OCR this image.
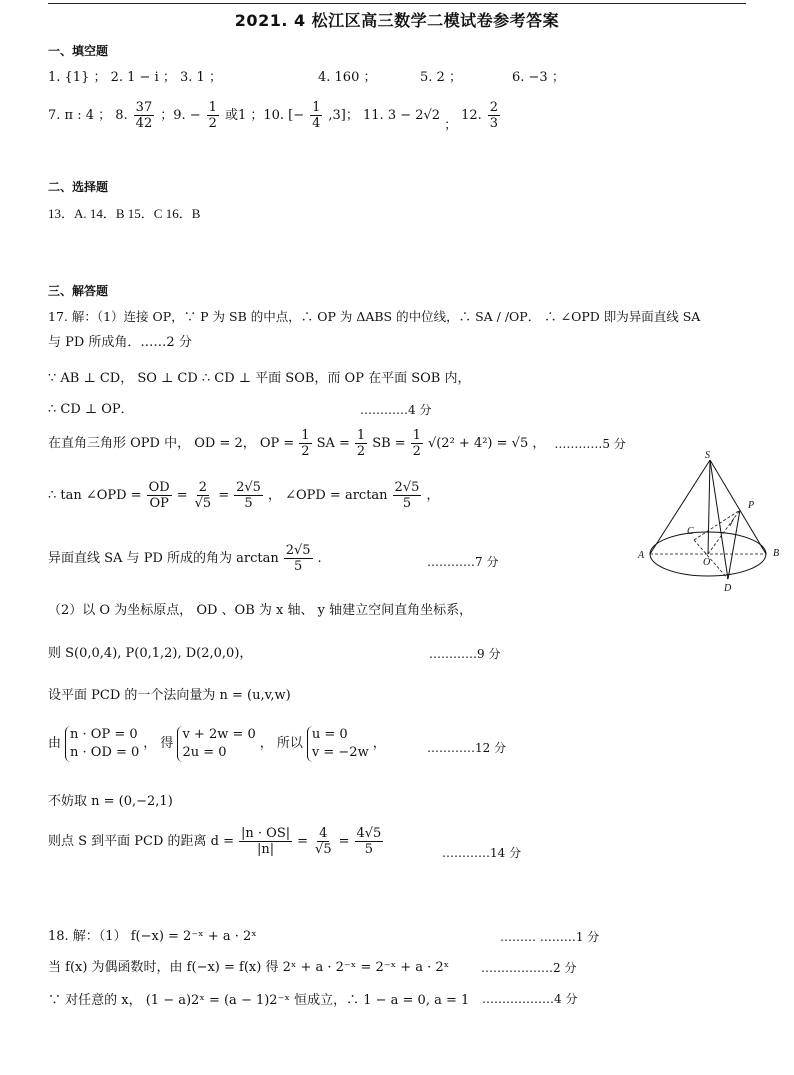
2021. 4 松江区高三数学二模试卷参考答案
一、填空题
1. {1} ； 2. 1 − i ； 3. 1 ；	4. 160 ；	5. 2 ；	6. −3 ；
7. π : 4 ； 8. $\frac{37}{42}$ ；9. − $\frac{1}{2}$ 或1 ；10. [− $\frac{1}{4} ,3$]； 11. 3 − 2√2
；
12. $\frac{2}{3}$
二、选择题
13．A. 14．B 15．C 16．B
三、解答题
17. 解：（1）连接 OP，∵ P 为 SB 的中点，∴ OP 为 ΔABS 的中位线，∴ SA / /OP． ∴ ∠OPD 即为异面直线 SA
与 PD 所成角．……2 分
∵ AB ⊥ CD， SO ⊥ CD ∴ CD ⊥ 平面 SOB，而 OP 在平面 SOB 内，
∴ CD ⊥ OP．	…………4 分
在直角三角形 OPD 中， OD = 2， OP = $\frac{1}{2}$ SA = $\frac{1}{2}$ SB = $\frac{1}{2} √(2^2 + 4^2) = √5$ ， …………5 分
∴ tan ∠OPD = $\frac{OD}{OP} = \frac{2}{√5} = \frac{2√5}{5}$ ， ∠OPD = $\arctan \frac{2√5}{5}$ ，
异面直线 SA 与 PD 所成的角为 $\arctan \frac{2√5}{5}$ .	…………7 分
（2）以 O 为坐标原点， OD 、OB 为 x 轴、 y 轴建立空间直角坐标系，
则 S(0,0,4), P(0,1,2), D(2,0,0)，	…………9 分
设平面 PCD 的一个法向量为 n = (u,v,w)
由
n · OP = 0
n · OD = 0
， 得
v + 2w = 0
2u = 0
， 所以
u = 0
v = −2w
，	…………12 分
不妨取 n = (0,−2,1)
则点 S 到平面 PCD 的距离 $d = \frac{|n \cdot OS|}{|n|} = \frac{4}{√5} = \frac{4√5}{5}$	…………14 分
18. 解：（1） f(−x) = 2⁻ˣ + a · 2ˣ	……… ………1 分
当 f(x) 为偶函数时，由 f(−x) = f(x) 得 2ˣ + a · 2⁻ˣ = 2⁻ˣ + a · 2ˣ	………………2 分
∵ 对任意的 x， (1 − a)2ˣ = (a − 1)2⁻ˣ 恒成立，∴ 1 − a = 0, a = 1 ………………4 分
S
P
C
A
O
B
D
